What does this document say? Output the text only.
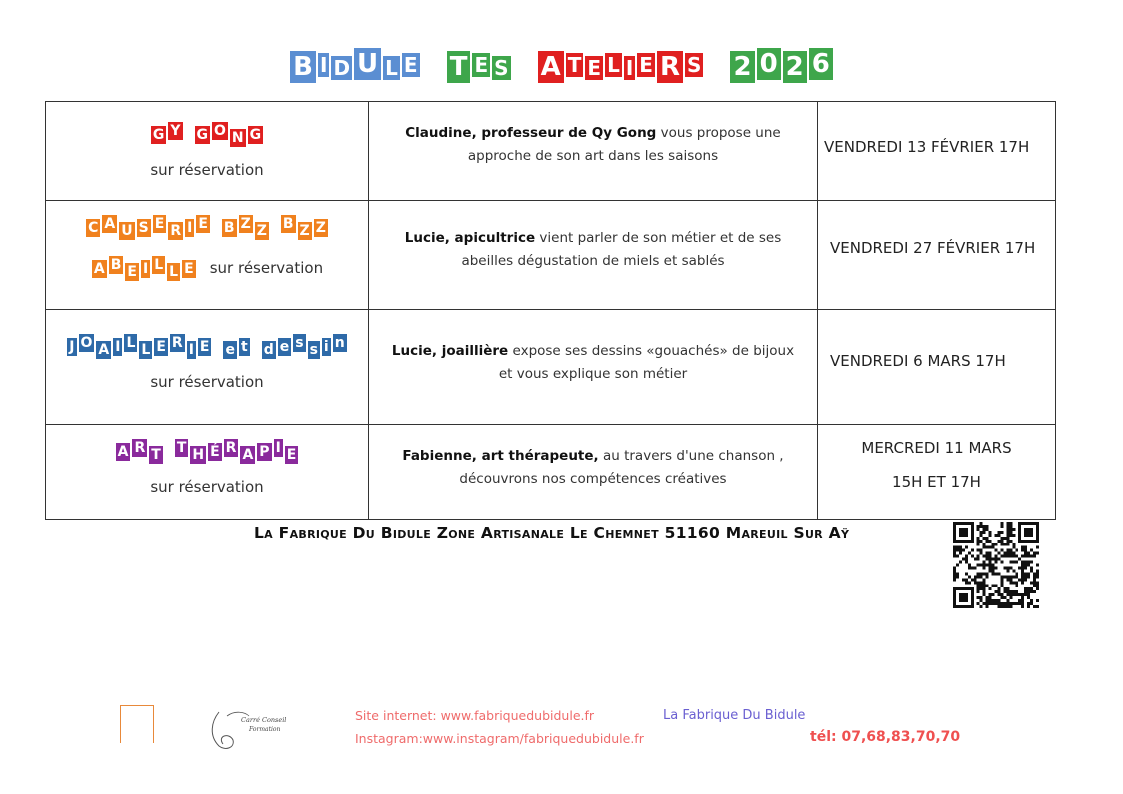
B I D U L E T E S A T E L I E R S 2 0 2 6
G Y G O N G
sur réservation	Claudine, professeur de Qy Gong vous propose une approche de son art dans les saisons	VENDREDI 13 FÉVRIER 17H

C A U S E R I E B Z Z B Z Z
A B E I L L E sur réservation	Lucie, apicultrice vient parler de son métier et de ses abeilles dégustation de miels et sablés	VENDREDI 27 FÉVRIER 17H

J O A I L L E R I E e t d e s s i n
sur réservation	Lucie, joaillière expose ses dessins «gouachés» de bijoux et vous explique son métier	VENDREDI 6 MARS 17H

A R T T H É R A P I E
sur réservation	Fabienne, art thérapeute, au travers d'une chanson , découvrons nos compétences créatives	MERCREDI 11 MARS
15H ET 17H
La Fabrique Du Bidule Zone Artisanale Le Chemnet 51160 Mareuil Sur Aÿ
Carré Conseil
Formation
Site internet: www.fabriquedubidule.fr
Instagram:www.instagram/fabriquedubidule.fr
La Fabrique Du Bidule
tél: 07,68,83,70,70
